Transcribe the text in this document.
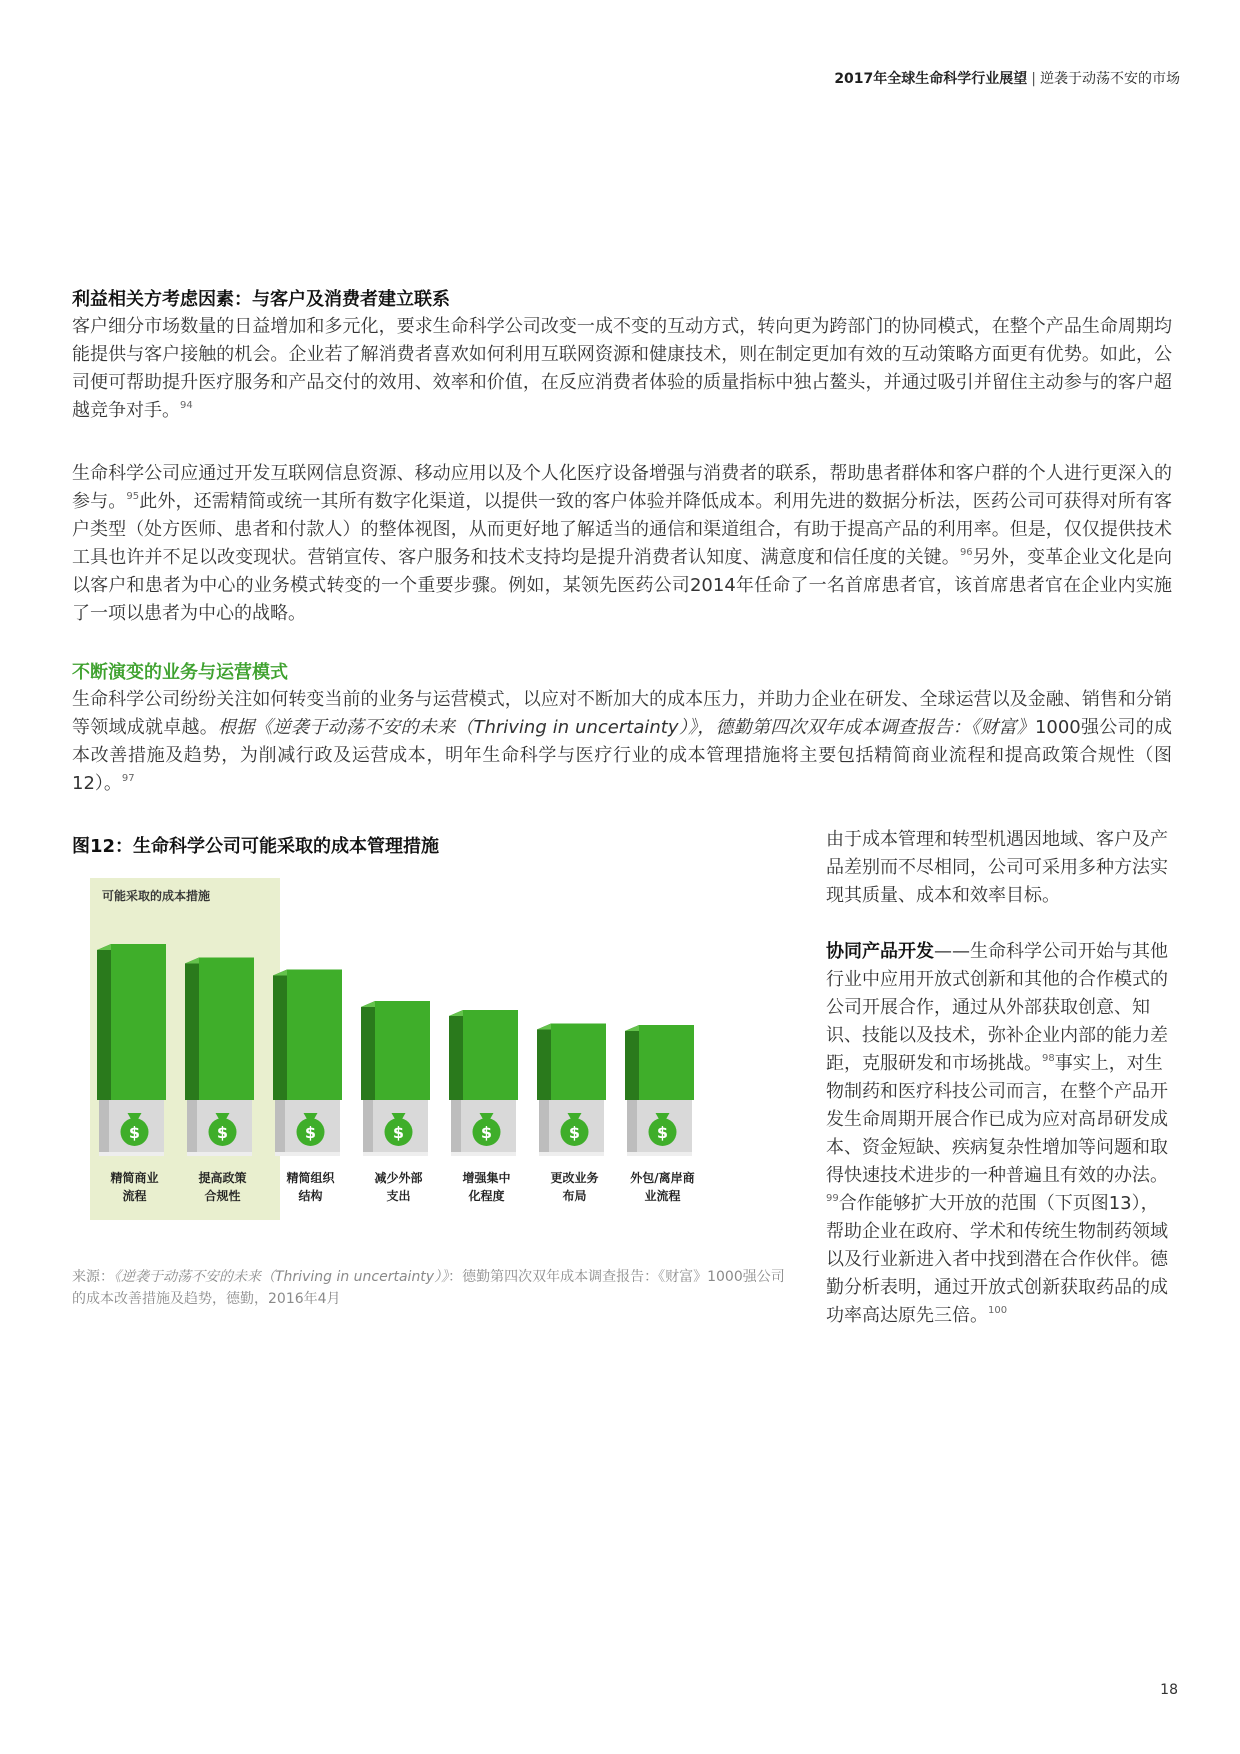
2017年全球生命科学行业展望 | 逆袭于动荡不安的市场
利益相关方考虑因素：与客户及消费者建立联系

客户细分市场数量的日益增加和多元化，要求生命科学公司改变一成不变的互动方式，转向更为跨部门的协同模式，在整个产品生命周期均能提供与客户接触的机会。企业若了解消费者喜欢如何利用互联网资源和健康技术，则在制定更加有效的互动策略方面更有优势。如此，公司便可帮助提升医疗服务和产品交付的效用、效率和价值，在反应消费者体验的质量指标中独占鳌头，并通过吸引并留住主动参与的客户超越竞争对手。$^{94}$

生命科学公司应通过开发互联网信息资源、移动应用以及个人化医疗设备增强与消费者的联系，帮助患者群体和客户群的个人进行更深入的参与。$^{95}$此外，还需精简或统一其所有数字化渠道，以提供一致的客户体验并降低成本。利用先进的数据分析法，医药公司可获得对所有客户类型（处方医师、患者和付款人）的整体视图，从而更好地了解适当的通信和渠道组合，有助于提高产品的利用率。但是，仅仅提供技术工具也许并不足以改变现状。营销宣传、客户服务和技术支持均是提升消费者认知度、满意度和信任度的关键。$^{96}$另外，变革企业文化是向以客户和患者为中心的业务模式转变的一个重要步骤。例如，某领先医药公司2014年任命了一名首席患者官，该首席患者官在企业内实施了一项以患者为中心的战略。

不断演变的业务与运营模式

生命科学公司纷纷关注如何转变当前的业务与运营模式，以应对不断加大的成本压力，并助力企业在研发、全球运营以及金融、销售和分销等领域成就卓越。根据《逆袭于动荡不安的未来（Thriving in uncertainty）》，德勤第四次双年成本调查报告：《财富》1000强公司的成本改善措施及趋势，为削减行政及运营成本，明年生命科学与医疗行业的成本管理措施将主要包括精简商业流程和提高政策合规性（图12）。$^{97}$

图12：生命科学公司可能采取的成本管理措施
可能采取的成本措施
$
精简商业
流程
$
提高政策
合规性
$
精简组织
结构
$
减少外部
支出
$
增强集中
化程度
$
更改业务
布局
$
外包/离岸商
业流程
来源：《逆袭于动荡不安的未来（Thriving in uncertainty）》：德勤第四次双年成本调查报告：《财富》1000强公司的成本改善措施及趋势，德勤，2016年4月

由于成本管理和转型机遇因地域、客户及产品差别而不尽相同，公司可采用多种方法实现其质量、成本和效率目标。

协同产品开发——生命科学公司开始与其他行业中应用开放式创新和其他的合作模式的公司开展合作，通过从外部获取创意、知识、技能以及技术，弥补企业内部的能力差距，克服研发和市场挑战。$^{98}$事实上，对生物制药和医疗科技公司而言，在整个产品开发生命周期开展合作已成为应对高昂研发成本、资金短缺、疾病复杂性增加等问题和取得快速技术进步的一种普遍且有效的办法。$^{99}$合作能够扩大开放的范围（下页图13），帮助企业在政府、学术和传统生物制药领域以及行业新进入者中找到潜在合作伙伴。德勤分析表明，通过开放式创新获取药品的成功率高达原先三倍。$^{100}$

18
